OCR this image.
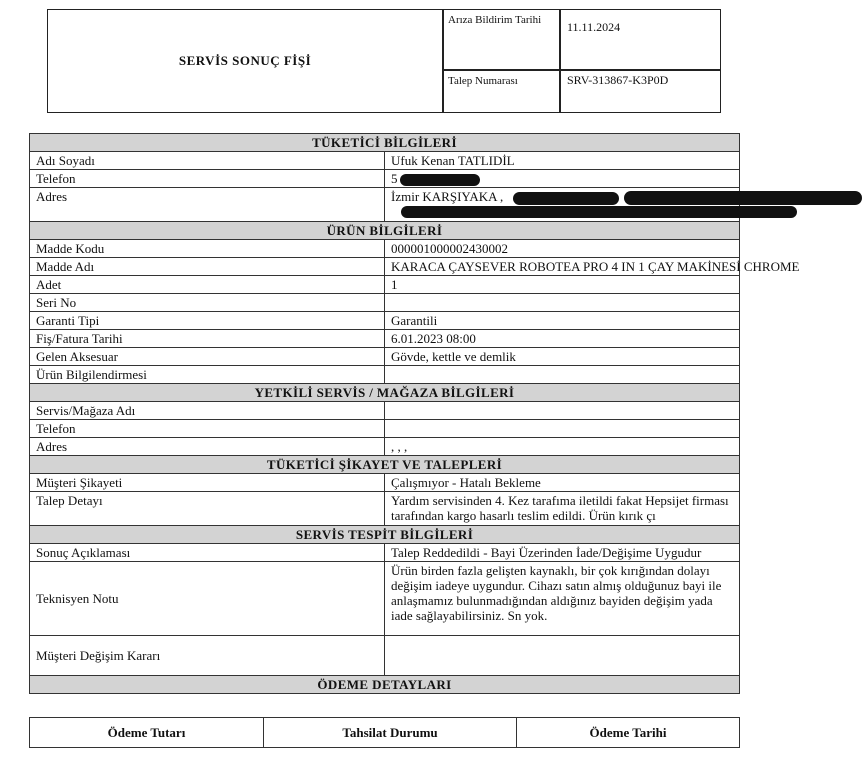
SERVİS SONUÇ FİŞİ
Arıza Bildirim Tarihi	11.11.2024
Talep Numarası	SRV-313867-K3P0D
TÜKETİCİ BİLGİLERİ	
Adı Soyadı	Ufuk Kenan TATLIDİL
Telefon	5
Adres	İzmir KARŞIYAKA ,

ÜRÜN BİLGİLERİ	
Madde Kodu	000001000002430002
Madde Adı	KARACA ÇAYSEVER ROBOTEA PRO 4 IN 1 ÇAY MAKİNESİ CHROME
Adet	1
Seri No	
Garanti Tipi	Garantili
Fiş/Fatura Tarihi	6.01.2023 08:00
Gelen Aksesuar	Gövde, kettle ve demlik
Ürün Bilgilendirmesi	
YETKİLİ SERVİS / MAĞAZA BİLGİLERİ	
Servis/Mağaza Adı	
Telefon	
Adres	, , ,
TÜKETİCİ ŞİKAYET VE TALEPLERİ	
Müşteri Şikayeti	Çalışmıyor - Hatalı Bekleme
Talep Detayı	Yardım servisinden 4. Kez tarafıma iletildi fakat Hepsijet firması tarafından kargo hasarlı teslim edildi. Ürün kırık çı
SERVİS TESPİT BİLGİLERİ	
Sonuç Açıklaması	Talep Reddedildi - Bayi Üzerinden İade/Değişime Uygudur
Teknisyen Notu	Ürün birden fazla gelişten kaynaklı, bir çok kırığından dolayı değişim iadeye uygundur. Cihazı satın almış olduğunuz bayi ile anlaşmamız bulunmadığından aldığınız bayiden değişim yada iade sağlayabilirsiniz. Sn yok.
Müşteri Değişim Kararı	
ÖDEME DETAYLARI	
Ödeme Tutarı	Tahsilat Durumu	Ödeme Tarihi
